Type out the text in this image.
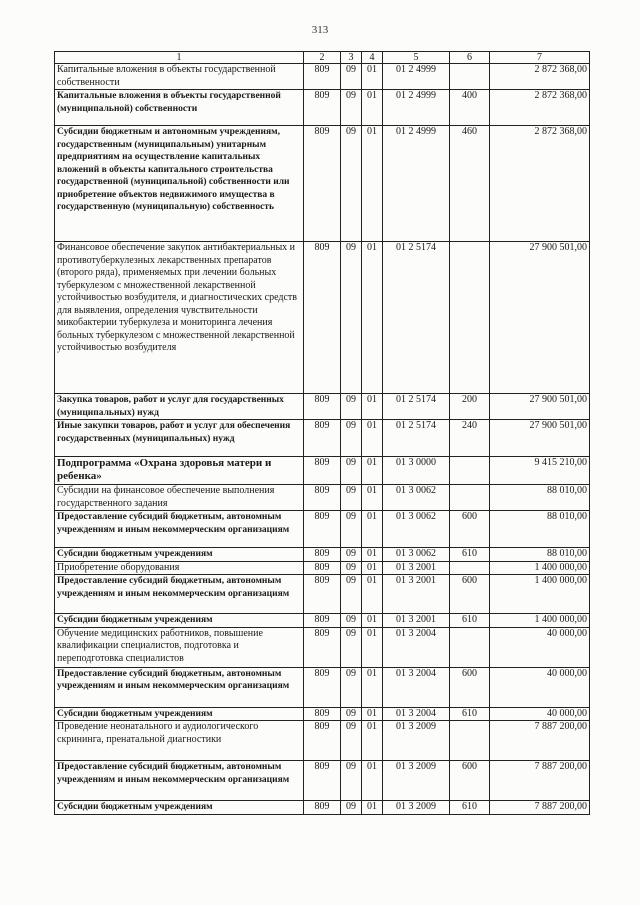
313
1	2	3	4	5	6	7
Капитальные вложения в объекты государственной собственности	809	09	01	01 2 4999		2 872 368,00
Капитальные вложения в объекты государственной (муниципальной) собственности	809	09	01	01 2 4999	400	2 872 368,00
Субсидии бюджетным и автономным учреждениям, государственным (муниципальным) унитарным предприятиям на осуществление капитальных вложений в объекты капитального строительства государственной (муниципальной) собственности или приобретение объектов недвижимого имущества в государственную (муниципальную) собственность	809	09	01	01 2 4999	460	2 872 368,00
Финансовое обеспечение закупок антибактериальных и противотуберкулезных лекарственных препаратов (второго ряда), применяемых при лечении больных туберкулезом с множественной лекарственной устойчивостью возбудителя, и диагностических средств для выявления, определения чувствительности микобактерии туберкулеза и мониторинга лечения больных туберкулезом с множественной лекарственной устойчивостью возбудителя	809	09	01	01 2 5174		27 900 501,00
Закупка товаров, работ и услуг для государственных (муниципальных) нужд	809	09	01	01 2 5174	200	27 900 501,00
Иные закупки товаров, работ и услуг для обеспечения государственных (муниципальных) нужд	809	09	01	01 2 5174	240	27 900 501,00
Подпрограмма «Охрана здоровья матери и ребенка»	809	09	01	01 3 0000		9 415 210,00
Субсидии на финансовое обеспечение выполнения государственного задания	809	09	01	01 3 0062		88 010,00
Предоставление субсидий бюджетным, автономным учреждениям и иным некоммерческим организациям	809	09	01	01 3 0062	600	88 010,00
Субсидии бюджетным учреждениям	809	09	01	01 3 0062	610	88 010,00
Приобретение оборудования	809	09	01	01 3 2001		1 400 000,00
Предоставление субсидий бюджетным, автономным учреждениям и иным некоммерческим организациям	809	09	01	01 3 2001	600	1 400 000,00
Субсидии бюджетным учреждениям	809	09	01	01 3 2001	610	1 400 000,00
Обучение медицинских работников, повышение квалификации специалистов, подготовка и переподготовка специалистов	809	09	01	01 3 2004		40 000,00
Предоставление субсидий бюджетным, автономным учреждениям и иным некоммерческим организациям	809	09	01	01 3 2004	600	40 000,00
Субсидии бюджетным учреждениям	809	09	01	01 3 2004	610	40 000,00
Проведение неонатального и аудиологического скрининга, пренатальной диагностики	809	09	01	01 3 2009		7 887 200,00
Предоставление субсидий бюджетным, автономным учреждениям и иным некоммерческим организациям	809	09	01	01 3 2009	600	7 887 200,00
Субсидии бюджетным учреждениям	809	09	01	01 3 2009	610	7 887 200,00
